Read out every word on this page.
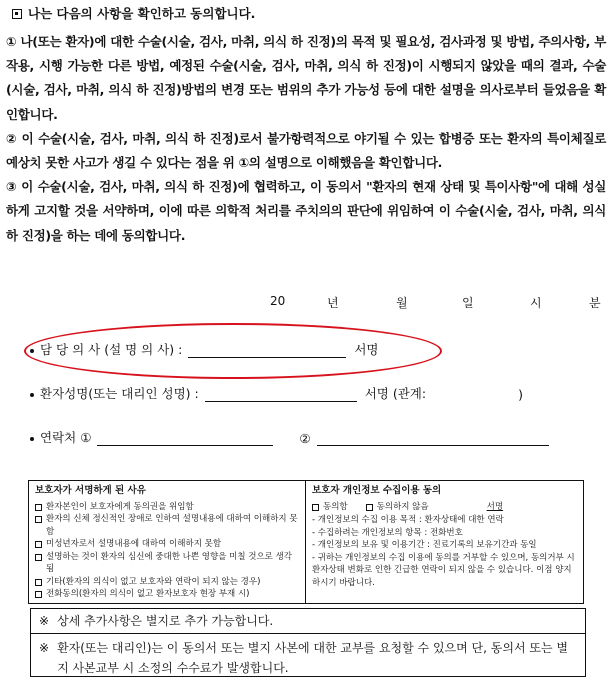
나는 다음의 사항을 확인하고 동의합니다.

① 나(또는 환자)에 대한 수술(시술, 검사, 마취, 의식 하 진정)의 목적 및 필요성, 검사과정 및 방법, 주의사항, 부작용, 시행 가능한 다른 방법, 예정된 수술(시술, 검사, 마취, 의식 하 진정)이 시행되지 않았을 때의 결과, 수술(시술, 검사, 마취, 의식 하 진정)방법의 변경 또는 범위의 추가 가능성 등에 대한 설명을 의사로부터 들었음을 확인합니다.

② 이 수술(시술, 검사, 마취, 의식 하 진정)로서 불가항력적으로 야기될 수 있는 합병증 또는 환자의 특이체질로 예상치 못한 사고가 생길 수 있다는 점을 위 ①의 설명으로 이해했음을 확인합니다.

③ 이 수술(시술, 검사, 마취, 의식 하 진정)에 협력하고, 이 동의서 "환자의 현재 상태 및 특이사항"에 대해 성실하게 고지할 것을 서약하며, 이에 따른 의학적 처리를 주치의의 판단에 위임하여 이 수술(시술, 검사, 마취, 의식 하 진정)을 하는 데에 동의합니다.

20	년	월	일	시	분
담 당 의 사 (설 명 의 사) :	서명
환자성명(또는 대리인 성명) :	서명 (관계:	)
연락처 ①	②
보호자가 서명하게 된 사유
환자본인이 보호자에게 동의권을 위임함
환자의 신체 정신적인 장애로 인하여 설명내용에 대하여 이해하지 못함
미성년자로서 설명내용에 대하여 이해하지 못함
설명하는 것이 환자의 심신에 중대한 나쁜 영향을 미칠 것으로 생각됨
기타(환자의 의식이 없고 보호자와 연락이 되지 않는 경우)
전화동의(환자의 의식이 없고 환자보호자 현장 부재 시)
보호자 개인정보 수집이용 동의
동의함	동의하지 않음	서명
- 개인정보의 수집 이용 목적 : 환자상태에 대한 연락
- 수집하려는 개인정보의 항목 : 전화번호
- 개인정보의 보유 및 이용기간 : 진료기록의 보유기간과 동일
- 귀하는 개인정보의 수집 이용에 동의를 거부할 수 있으며, 동의거부 시 환자상태 변화로 인한 긴급한 연락이 되지 않을 수 있습니다. 이점 양지하시기 바랍니다.
※ 상세 추가사항은 별지로 추가 가능합니다.
※ 환자(또는 대리인)는 이 동의서 또는 별지 사본에 대한 교부를 요청할 수 있으며 단, 동의서 또는 별지 사본교부 시 소정의 수수료가 발생합니다.
